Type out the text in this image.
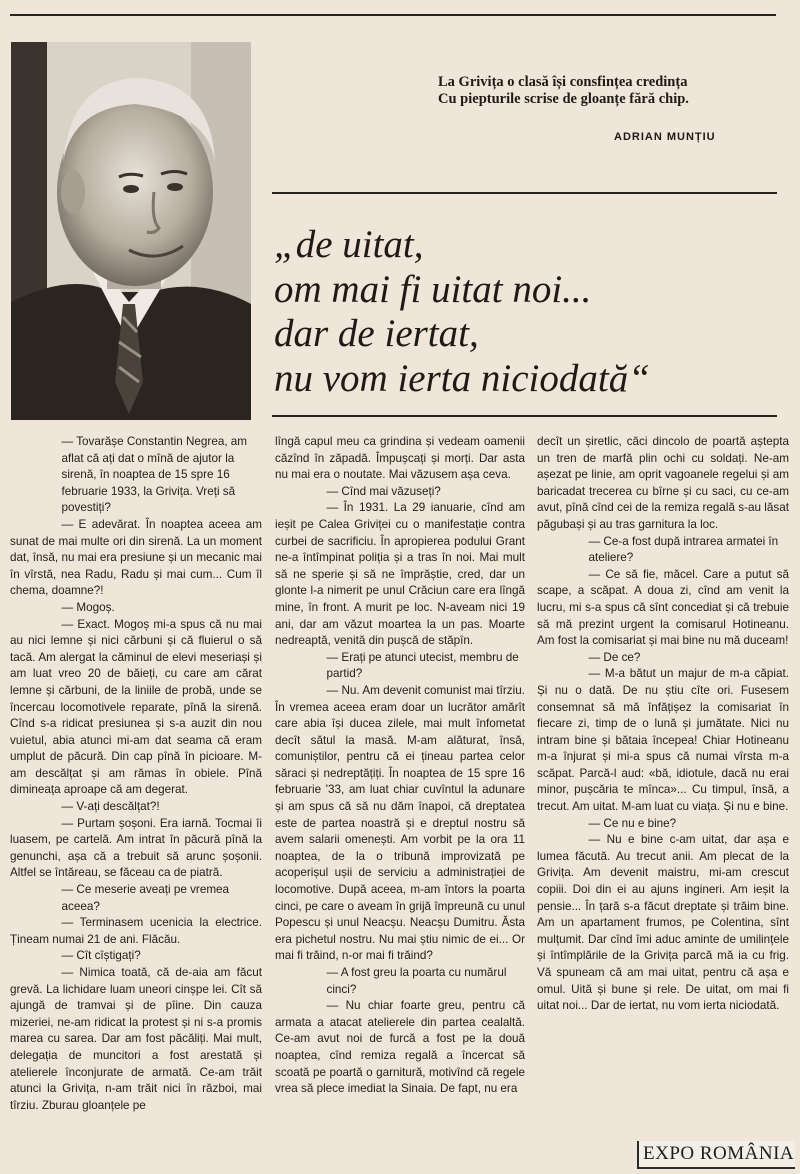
La Grivița o clasă își consfințea credința
Cu piepturile scrise de gloanțe fără chip.
ADRIAN MUNȚIU
„de uitat,
om mai fi uitat noi...
dar de iertat,
nu vom ierta niciodată“

— Tovarășe Constantin Negrea, am aflat că ați dat o mînă de ajutor la sirenă, în noaptea de 15 spre 16 februarie 1933, la Grivița. Vreți să povestiți?

— E adevărat. În noaptea aceea am sunat de mai multe ori din sirenă. La un moment dat, însă, nu mai era presiune și un mecanic mai în vîrstă, nea Radu, Radu și mai cum... Cum îl chema, doamne?!

— Mogoș.

— Exact. Mogoș mi-a spus că nu mai au nici lemne și nici cărbuni și că fluierul o să tacă. Am alergat la căminul de elevi meseriași și am luat vreo 20 de băieți, cu care am cărat lemne și cărbuni, de la liniile de probă, unde se încercau locomotivele reparate, pînă la sirenă. Cînd s-a ridicat presiunea și s-a auzit din nou vuietul, abia atunci mi-am dat seama că eram umplut de păcură. Din cap pînă în picioare. M-am descălțat și am rămas în obiele. Pînă dimineața aproape că am degerat.

— V-ați descălțat?!

— Purtam șoșoni. Era iarnă. Tocmai îi luasem, pe cartelă. Am intrat în păcură pînă la genunchi, așa că a trebuit să arunc șoșonii. Altfel se întăreau, se făceau ca de piatră.

— Ce meserie aveați pe vremea aceea?

— Terminasem ucenicia la electrice. Țineam numai 21 de ani. Flăcău.

— Cît cîștigați?

— Nimica toată, că de-aia am făcut grevă. La lichidare luam uneori cinșpe lei. Cît să ajungă de tramvai și de pîine. Din cauza mizeriei, ne-am ridicat la protest și ni s-a promis marea cu sarea. Dar am fost păcăliți. Mai mult, delegația de muncitori a fost arestată și atelierele înconjurate de armată. Ce-am trăit atunci la Grivița, n-am trăit nici în război, mai tîrziu. Zburau gloanțele pe

lîngă capul meu ca grindina și vedeam oamenii căzînd în zăpadă. Împușcați și morți. Dar asta nu mai era o noutate. Mai văzusem așa ceva.

— Cînd mai văzuseți?

— În 1931. La 29 ianuarie, cînd am ieșit pe Calea Griviței cu o manifestație contra curbei de sacrificiu. În apropierea podului Grant ne-a întîmpinat poliția și a tras în noi. Mai mult să ne sperie și să ne împrăștie, cred, dar un glonte l-a nimerit pe unul Crăciun care era lîngă mine, în front. A murit pe loc. N-aveam nici 19 ani, dar am văzut moartea la un pas. Moarte nedreaptă, venită din pușcă de stăpîn.

— Erați pe atunci utecist, membru de partid?

— Nu. Am devenit comunist mai tîrziu. În vremea aceea eram doar un lucrător amărît care abia își ducea zilele, mai mult înfometat decît sătul la masă. M-am alăturat, însă, comuniștilor, pentru că ei țineau partea celor săraci și nedreptățiți. În noaptea de 15 spre 16 februarie '33, am luat chiar cuvîntul la adunare și am spus că să nu dăm înapoi, că dreptatea este de partea noastră și e dreptul nostru să avem salarii omenești. Am vorbit pe la ora 11 noaptea, de la o tribună improvizată pe acoperișul ușii de serviciu a administrației de locomotive. După aceea, m-am întors la poarta cinci, pe care o aveam în grijă împreună cu unul Popescu și unul Neacșu. Neacșu Dumitru. Ăsta era pichetul nostru. Nu mai știu nimic de ei... Or mai fi trăind, n-or mai fi trăind?

— A fost greu la poarta cu numărul cinci?

— Nu chiar foarte greu, pentru că armata a atacat atelierele din partea cealaltă. Ce-am avut noi de furcă a fost pe la două noaptea, cînd remiza regală a încercat să scoată pe poartă o garnitură, motivînd că regele vrea să plece imediat la Sinaia. De fapt, nu era

decît un șiretlic, căci dincolo de poartă aștepta un tren de marfă plin ochi cu soldați. Ne-am așezat pe linie, am oprit vagoanele regelui și am baricadat trecerea cu bîrne și cu saci, cu ce-am avut, pînă cînd cei de la remiza regală s-au lăsat păgubași și au tras garnitura la loc.

— Ce-a fost după intrarea armatei în ateliere?

— Ce să fie, măcel. Care a putut să scape, a scăpat. A doua zi, cînd am venit la lucru, mi s-a spus că sînt concediat și că trebuie să mă prezint urgent la comisarul Hotineanu. Am fost la comisariat și mai bine nu mă duceam!

— De ce?

— M-a bătut un majur de m-a căpiat. Și nu o dată. De nu știu cîte ori. Fusesem consemnat să mă înfățișez la comisariat în fiecare zi, timp de o lună și jumătate. Nici nu intram bine și bătaia începea! Chiar Hotineanu m-a înjurat și mi-a spus că numai vîrsta m-a scăpat. Parcă-l aud: «bă, idiotule, dacă nu erai minor, pușcăria te mînca»... Cu timpul, însă, a trecut. Am uitat. M-am luat cu viața. Și nu e bine.

— Ce nu e bine?

— Nu e bine c-am uitat, dar așa e lumea făcută. Au trecut anii. Am plecat de la Grivița. Am devenit maistru, mi-am crescut copiii. Doi din ei au ajuns ingineri. Am ieșit la pensie... În țară s-a făcut dreptate și trăim bine. Am un apartament frumos, pe Colentina, sînt mulțumit. Dar cînd îmi aduc aminte de umilințele și întîmplările de la Grivița parcă mă ia cu frig. Vă spuneam că am mai uitat, pentru că așa e omul. Uită și bune și rele. De uitat, om mai fi uitat noi... Dar de iertat, nu vom ierta niciodată.

EXPO ROMÂNIA
